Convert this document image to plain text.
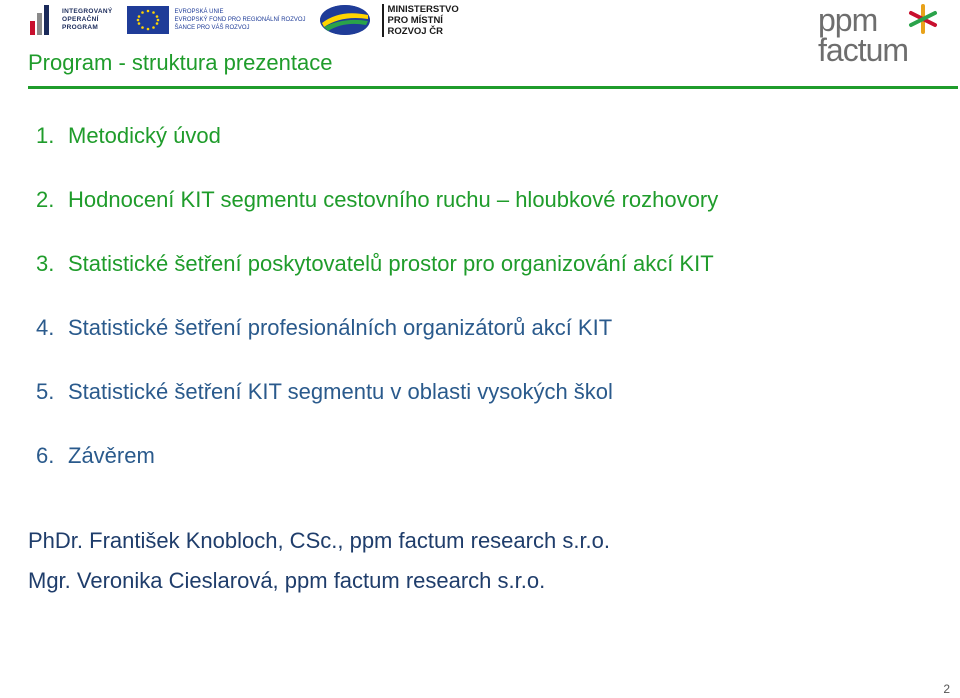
INTEGROVANÝ
OPERAČNÍ
PROGRAM
EVROPSKÁ UNIE
EVROPSKÝ FOND PRO REGIONÁLNÍ ROZVOJ
ŠANCE PRO VÁŠ ROZVOJ
MINISTERSTVO
PRO MÍSTNÍ
ROZVOJ ČR	ppm
factum
Program - struktura prezentace
1. Metodický úvod
2. Hodnocení KIT segmentu cestovního ruchu – hloubkové rozhovory
3. Statistické šetření poskytovatelů prostor pro organizování akcí KIT
4. Statistické šetření profesionálních organizátorů akcí KIT
5. Statistické šetření KIT segmentu v oblasti vysokých škol
6. Závěrem
PhDr. František Knobloch, CSc., ppm factum research s.r.o.
Mgr. Veronika Cieslarová, ppm factum research s.r.o.
2
